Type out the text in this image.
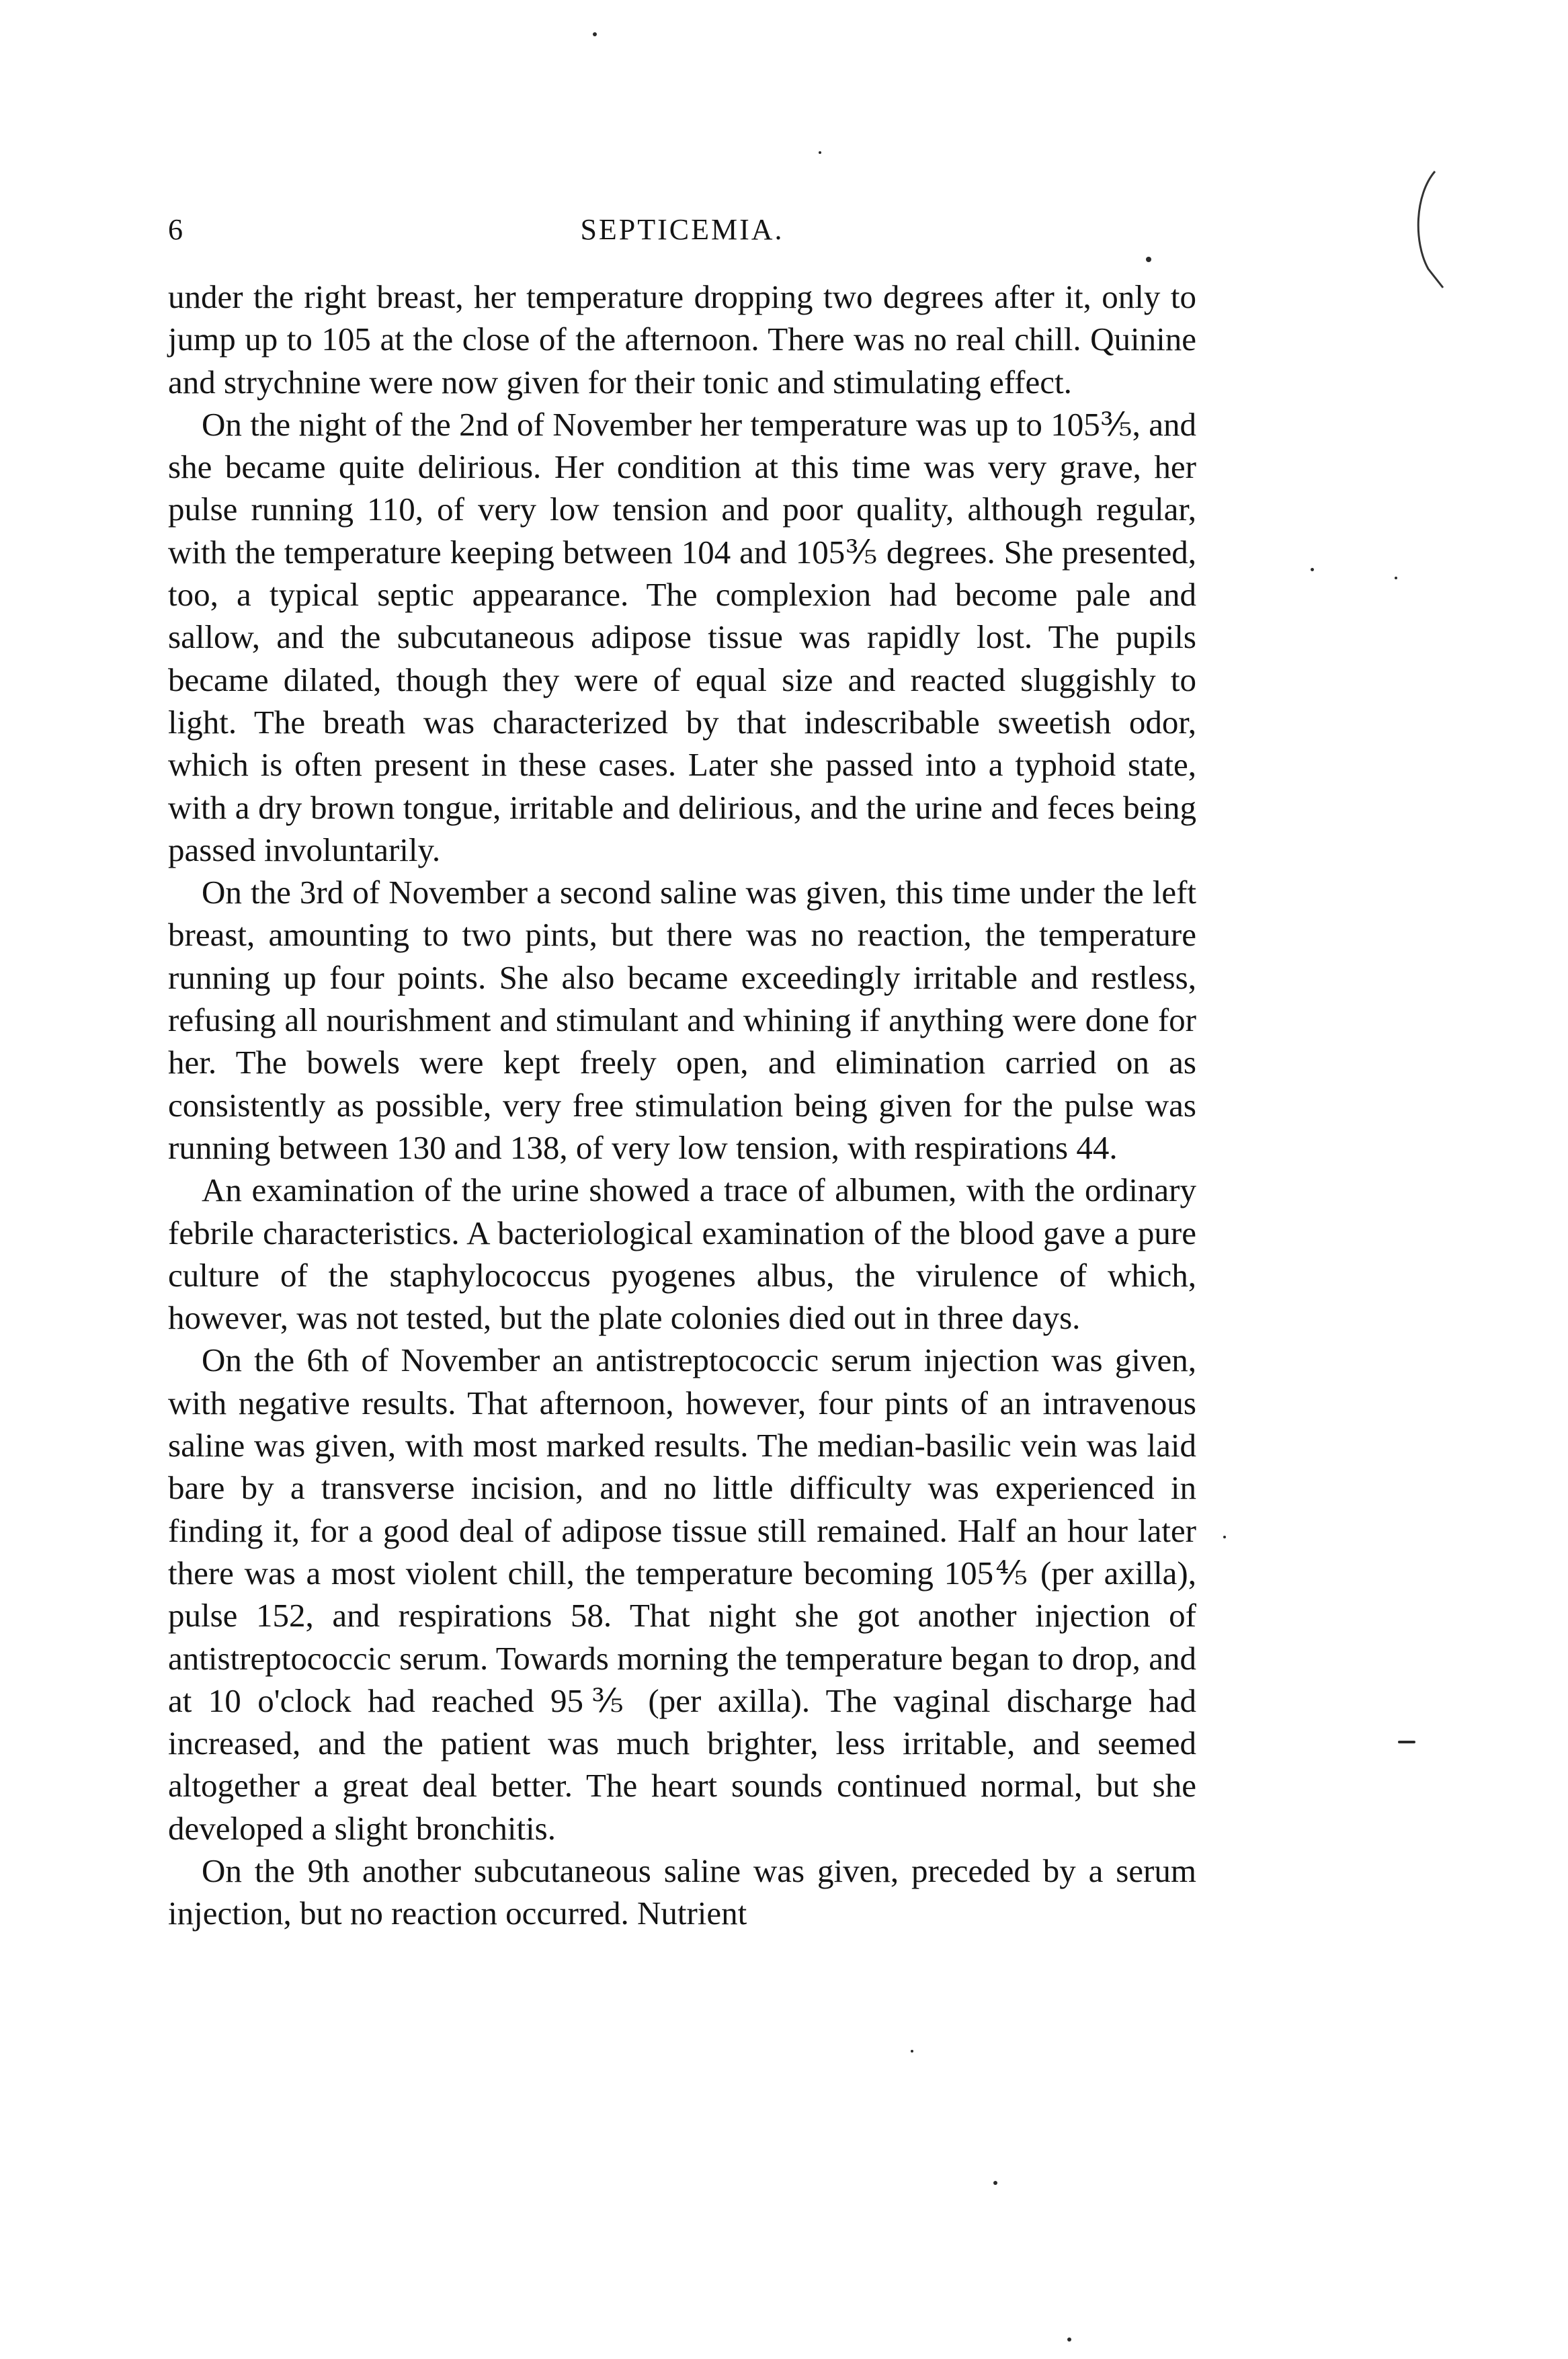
6	SEPTICEMIA.

under the right breast, her temperature dropping two degrees after it, only to jump up to 105 at the close of the afternoon. There was no real chill. Quinine and strychnine were now given for their tonic and stimulating effect.

On the night of the 2nd of November her temperature was up to 105⅗, and she became quite delirious. Her condition at this time was very grave, her pulse running 110, of very low tension and poor quality, although regular, with the temperature keeping between 104 and 105⅗ degrees. She presented, too, a typical septic appearance. The complexion had become pale and sallow, and the subcutaneous adipose tissue was rapidly lost. The pupils became dilated, though they were of equal size and reacted sluggishly to light. The breath was characterized by that indescribable sweetish odor, which is often present in these cases. Later she passed into a typhoid state, with a dry brown tongue, irritable and delirious, and the urine and feces being passed involuntarily.

On the 3rd of November a second saline was given, this time under the left breast, amounting to two pints, but there was no reaction, the temperature running up four points. She also became exceedingly irritable and restless, refusing all nourishment and stimulant and whining if anything were done for her. The bowels were kept freely open, and elimination carried on as consistently as possible, very free stimulation being given for the pulse was running between 130 and 138, of very low tension, with respirations 44.

An examination of the urine showed a trace of albumen, with the ordinary febrile characteristics. A bacteriological examination of the blood gave a pure culture of the staphylococcus pyogenes albus, the virulence of which, however, was not tested, but the plate colonies died out in three days.

On the 6th of November an antistreptococcic serum injection was given, with negative results. That afternoon, however, four pints of an intravenous saline was given, with most marked results. The median-basilic vein was laid bare by a transverse incision, and no little difficulty was experienced in finding it, for a good deal of adipose tissue still remained. Half an hour later there was a most violent chill, the temperature becoming 105⅘ (per axilla), pulse 152, and respirations 58. That night she got another injection of antistreptococcic serum. Towards morning the temperature began to drop, and at 10 o'clock had reached 95⅗ (per axilla). The vaginal discharge had increased, and the patient was much brighter, less irritable, and seemed altogether a great deal better. The heart sounds continued normal, but she developed a slight bronchitis.

On the 9th another subcutaneous saline was given, preceded by a serum injection, but no reaction occurred. Nutrient
